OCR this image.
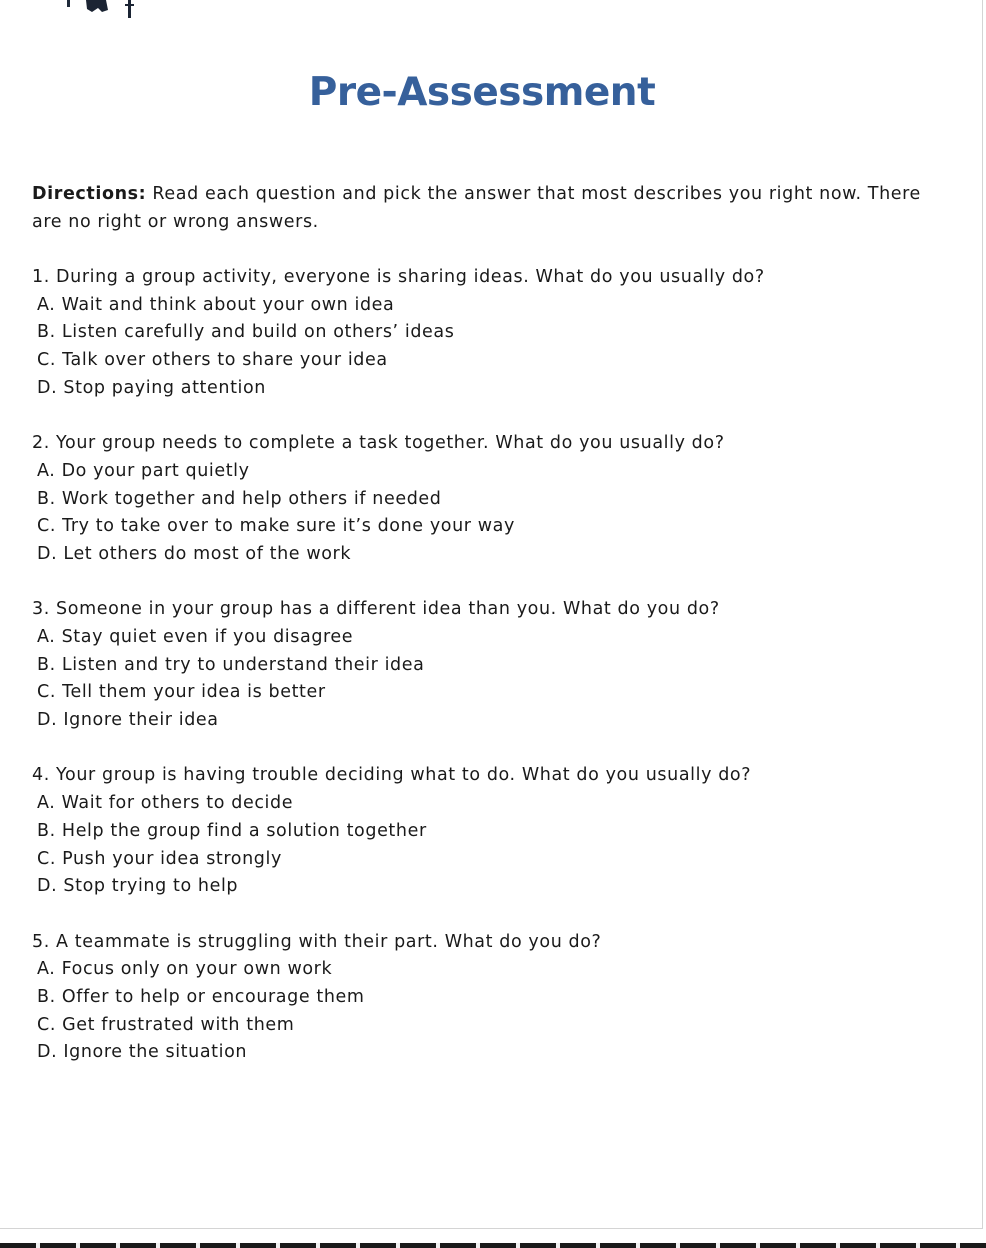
Pre-Assessment
Directions: Read each question and pick the answer that most describes you right now. There are no right or wrong answers.
1. During a group activity, everyone is sharing ideas. What do you usually do?
A. Wait and think about your own idea
B. Listen carefully and build on others’ ideas
C. Talk over others to share your idea
D. Stop paying attention
2. Your group needs to complete a task together. What do you usually do?
A. Do your part quietly
B. Work together and help others if needed
C. Try to take over to make sure it’s done your way
D. Let others do most of the work
3. Someone in your group has a different idea than you. What do you do?
A. Stay quiet even if you disagree
B. Listen and try to understand their idea
C. Tell them your idea is better
D. Ignore their idea
4. Your group is having trouble deciding what to do. What do you usually do?
A. Wait for others to decide
B. Help the group find a solution together
C. Push your idea strongly
D. Stop trying to help
5. A teammate is struggling with their part. What do you do?
A. Focus only on your own work
B. Offer to help or encourage them
C. Get frustrated with them
D. Ignore the situation
